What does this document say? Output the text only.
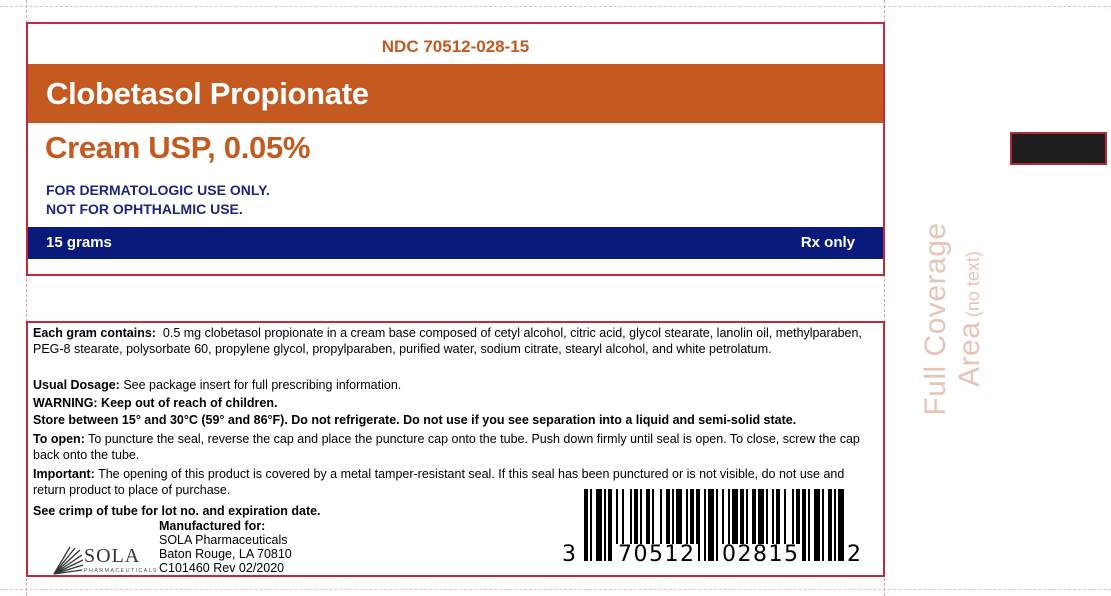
NDC 70512-028-15
Clobetasol Propionate
Cream USP, 0.05%
FOR DERMATOLOGIC USE ONLY.
NOT FOR OPHTHALMIC USE.
15 grams	Rx only
Each gram contains: 0.5 mg clobetasol propionate in a cream base composed of cetyl alcohol, citric acid, glycol stearate, lanolin oil, methylparaben, PEG-8 stearate, polysorbate 60, propylene glycol, propylparaben, purified water, sodium citrate, stearyl alcohol, and white petrolatum.
Usual Dosage: See package insert for full prescribing information.
WARNING: Keep out of reach of children.
Store between 15° and 30°C (59° and 86°F). Do not refrigerate. Do not use if you see separation into a liquid and semi-solid state.
To open: To puncture the seal, reverse the cap and place the puncture cap onto the tube. Push down firmly until seal is open. To close, screw the cap back onto the tube.
Important: The opening of this product is covered by a metal tamper-resistant seal. If this seal has been punctured or is not visible, do not use and return product to place of purchase.
See crimp of tube for lot no. and expiration date.
Manufactured for:
SOLA Pharmaceuticals
Baton Rouge, LA 70810
C101460 Rev 02/2020
SOLA
PHARMACEUTICALS
3 70512 02815 2
Full Coverage Area (no text)
